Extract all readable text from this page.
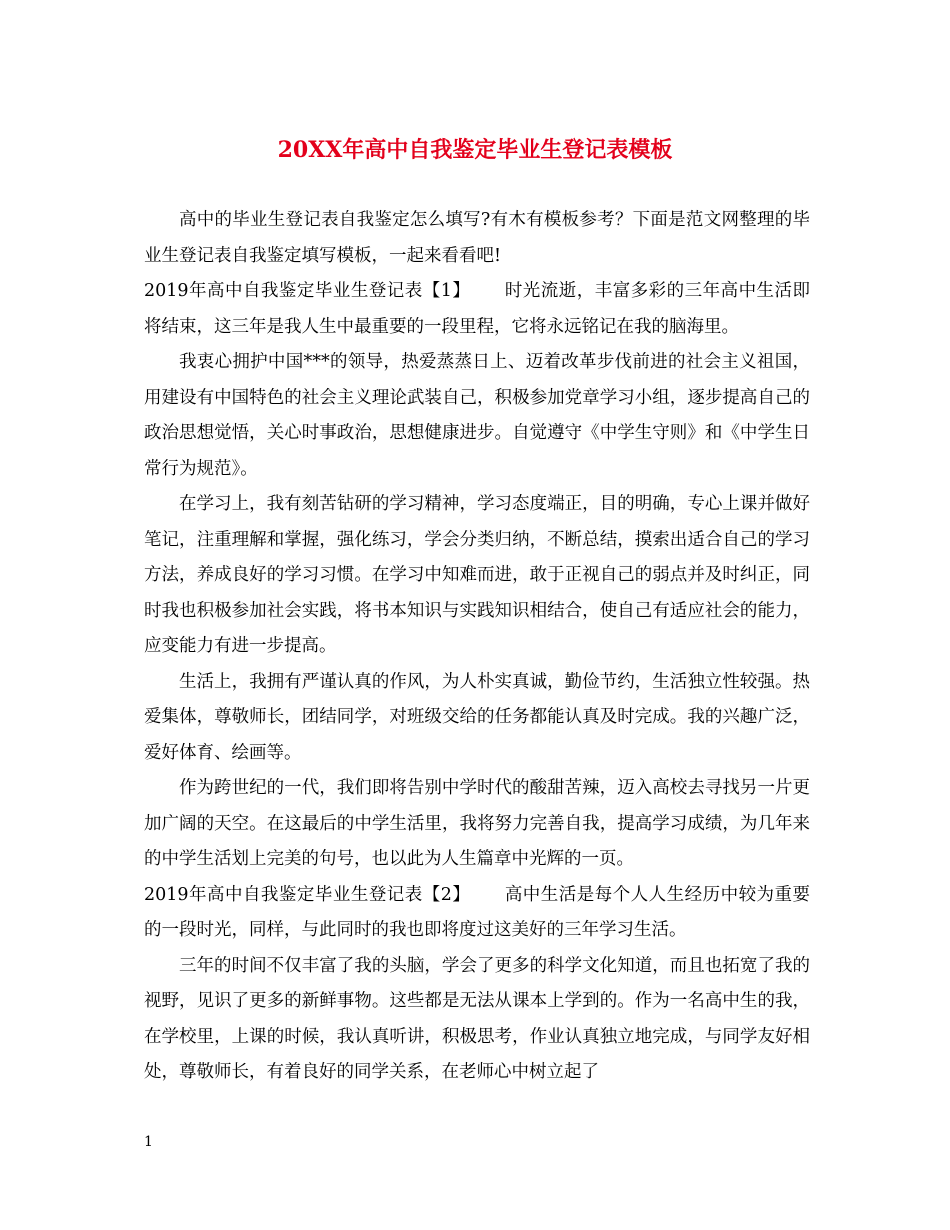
20XX年高中自我鉴定毕业生登记表模板

高中的毕业生登记表自我鉴定怎么填写?有木有模板参考？下面是范文网整理的毕业生登记表自我鉴定填写模板，一起来看看吧!

2019年高中自我鉴定毕业生登记表【1】 时光流逝，丰富多彩的三年高中生活即将结束，这三年是我人生中最重要的一段里程，它将永远铭记在我的脑海里。

我衷心拥护中国***的领导，热爱蒸蒸日上、迈着改革步伐前进的社会主义祖国，用建设有中国特色的社会主义理论武装自己，积极参加党章学习小组，逐步提高自己的政治思想觉悟，关心时事政治，思想健康进步。自觉遵守《中学生守则》和《中学生日常行为规范》。

在学习上，我有刻苦钻研的学习精神，学习态度端正，目的明确，专心上课并做好笔记，注重理解和掌握，强化练习，学会分类归纳，不断总结，摸索出适合自己的学习方法，养成良好的学习习惯。在学习中知难而进，敢于正视自己的弱点并及时纠正，同时我也积极参加社会实践，将书本知识与实践知识相结合，使自己有适应社会的能力，应变能力有进一步提高。

生活上，我拥有严谨认真的作风，为人朴实真诚，勤俭节约，生活独立性较强。热爱集体，尊敬师长，团结同学，对班级交给的任务都能认真及时完成。我的兴趣广泛，爱好体育、绘画等。

作为跨世纪的一代，我们即将告别中学时代的酸甜苦辣，迈入高校去寻找另一片更加广阔的天空。在这最后的中学生活里，我将努力完善自我，提高学习成绩，为几年来的中学生活划上完美的句号，也以此为人生篇章中光辉的一页。

2019年高中自我鉴定毕业生登记表【2】 高中生活是每个人人生经历中较为重要的一段时光，同样，与此同时的我也即将度过这美好的三年学习生活。

三年的时间不仅丰富了我的头脑，学会了更多的科学文化知道，而且也拓宽了我的视野，见识了更多的新鲜事物。这些都是无法从课本上学到的。作为一名高中生的我，在学校里，上课的时候，我认真听讲，积极思考，作业认真独立地完成，与同学友好相处，尊敬师长，有着良好的同学关系，在老师心中树立起了

1
